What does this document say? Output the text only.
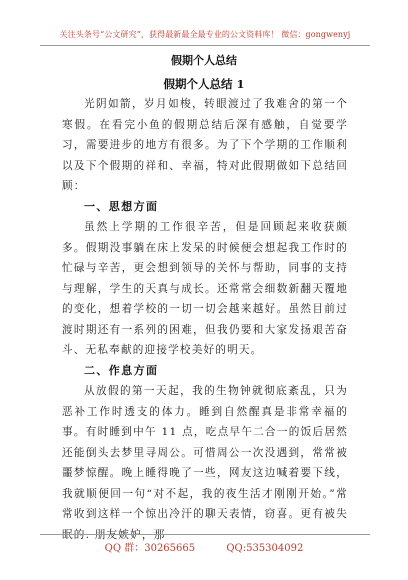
关注头条号“公文研究”，获得最新最全最专业的公文资料库！ 微信：gongwenyj
假期个人总结
假期个人总结 1

光阴如箭，岁月如梭，转眼渡过了我难舍的第一个寒假。在看完小鱼的假期总结后深有感触，自觉要学习，需要进步的地方有很多。为了下个学期的工作顺利以及下个假期的祥和、幸福，特对此假期做如下总结回顾：

一、思想方面

虽然上学期的工作很辛苦，但是回顾起来收获颇多。假期没事躺在床上发呆的时候便会想起我工作时的忙碌与辛苦，更会想到领导的关怀与帮助，同事的支持与理解，学生的天真与成长。还常常会细数新翻天覆地的变化，想着学校的一切一切会越来越好。虽然目前过渡时期还有一系列的困难，但我仍要和大家发扬艰苦奋斗、无私奉献的迎接学校美好的明天。

二、作息方面

从放假的第一天起，我的生物钟就彻底紊乱，只为恶补工作时透支的体力。睡到自然醒真是非常幸福的事。有时睡到中午 11 点，吃点早午二合一的饭后居然还能倒头去梦里寻周公。可惜周公一次没遇到，常常被噩梦惊醒。晚上睡得晚了一些，网友这边喊着要下线，我就顺便回一句“对不起，我的夜生活才刚刚开始。”常常收到这样一个惊出冷汗的聊天表情，窃喜。更有被失眠的. 朋友嫉妒，那

QQ 群：30265665	QQ:535304092
